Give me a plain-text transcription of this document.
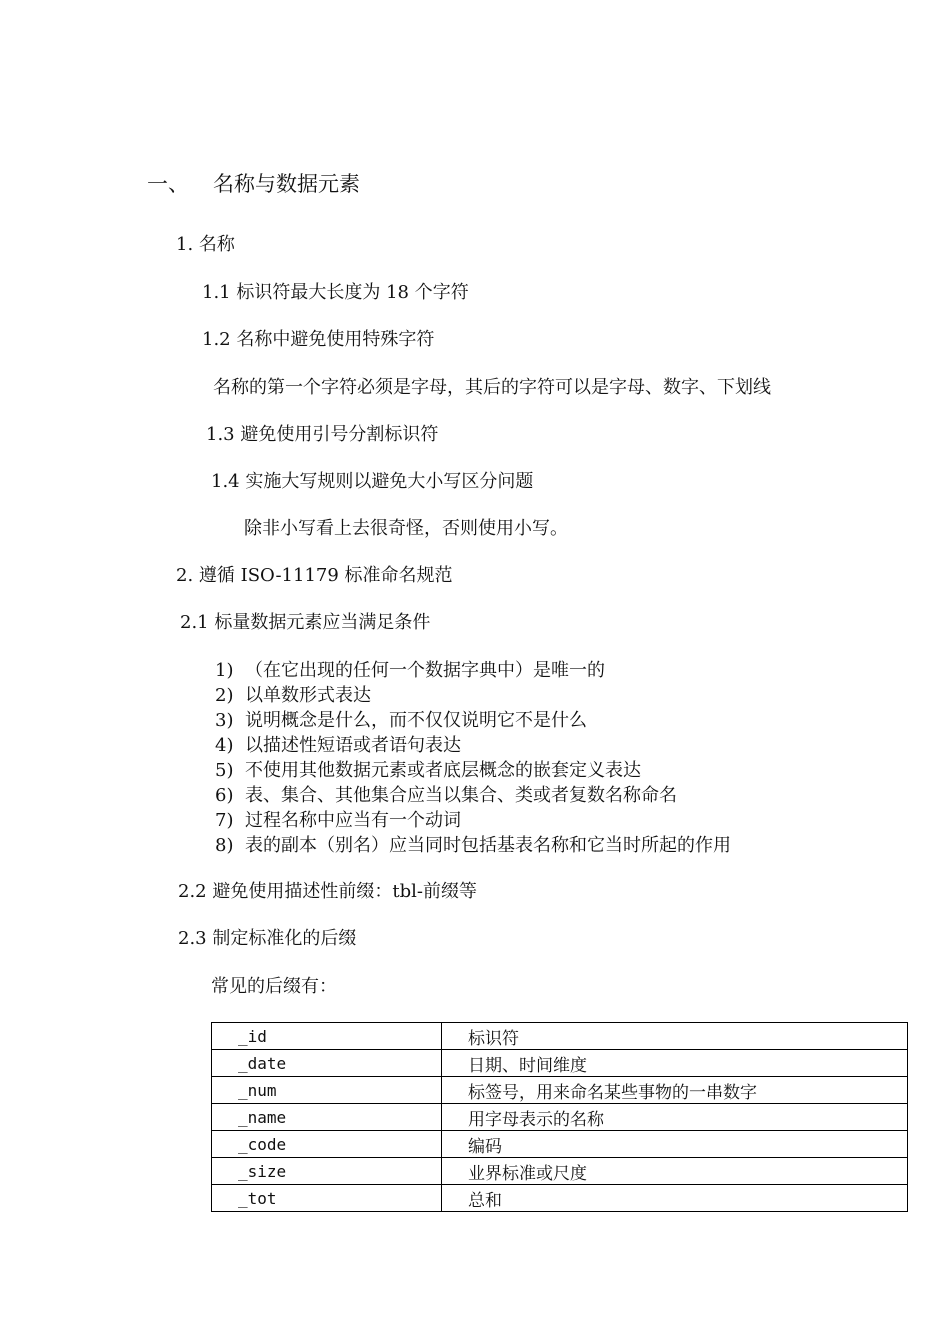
一、 名称与数据元素
1. 名称
1.1 标识符最大长度为 18 个字符
1.2 名称中避免使用特殊字符
名称的第一个字符必须是字母，其后的字符可以是字母、数字、下划线
1.3 避免使用引号分割标识符
1.4 实施大写规则以避免大小写区分问题
除非小写看上去很奇怪，否则使用小写。
2. 遵循 ISO-11179 标准命名规范
2.1 标量数据元素应当满足条件
1) （在它出现的任何一个数据字典中）是唯一的
2) 以单数形式表达
3) 说明概念是什么，而不仅仅说明它不是什么
4) 以描述性短语或者语句表达
5) 不使用其他数据元素或者底层概念的嵌套定义表达
6) 表、集合、其他集合应当以集合、类或者复数名称命名
7) 过程名称中应当有一个动词
8) 表的副本（别名）应当同时包括基表名称和它当时所起的作用
2.2 避免使用描述性前缀：tbl-前缀等
2.3 制定标准化的后缀
常见的后缀有：
_id	标识符
_date	日期、时间维度
_num	标签号，用来命名某些事物的一串数字
_name	用字母表示的名称
_code	编码
_size	业界标准或尺度
_tot	总和
